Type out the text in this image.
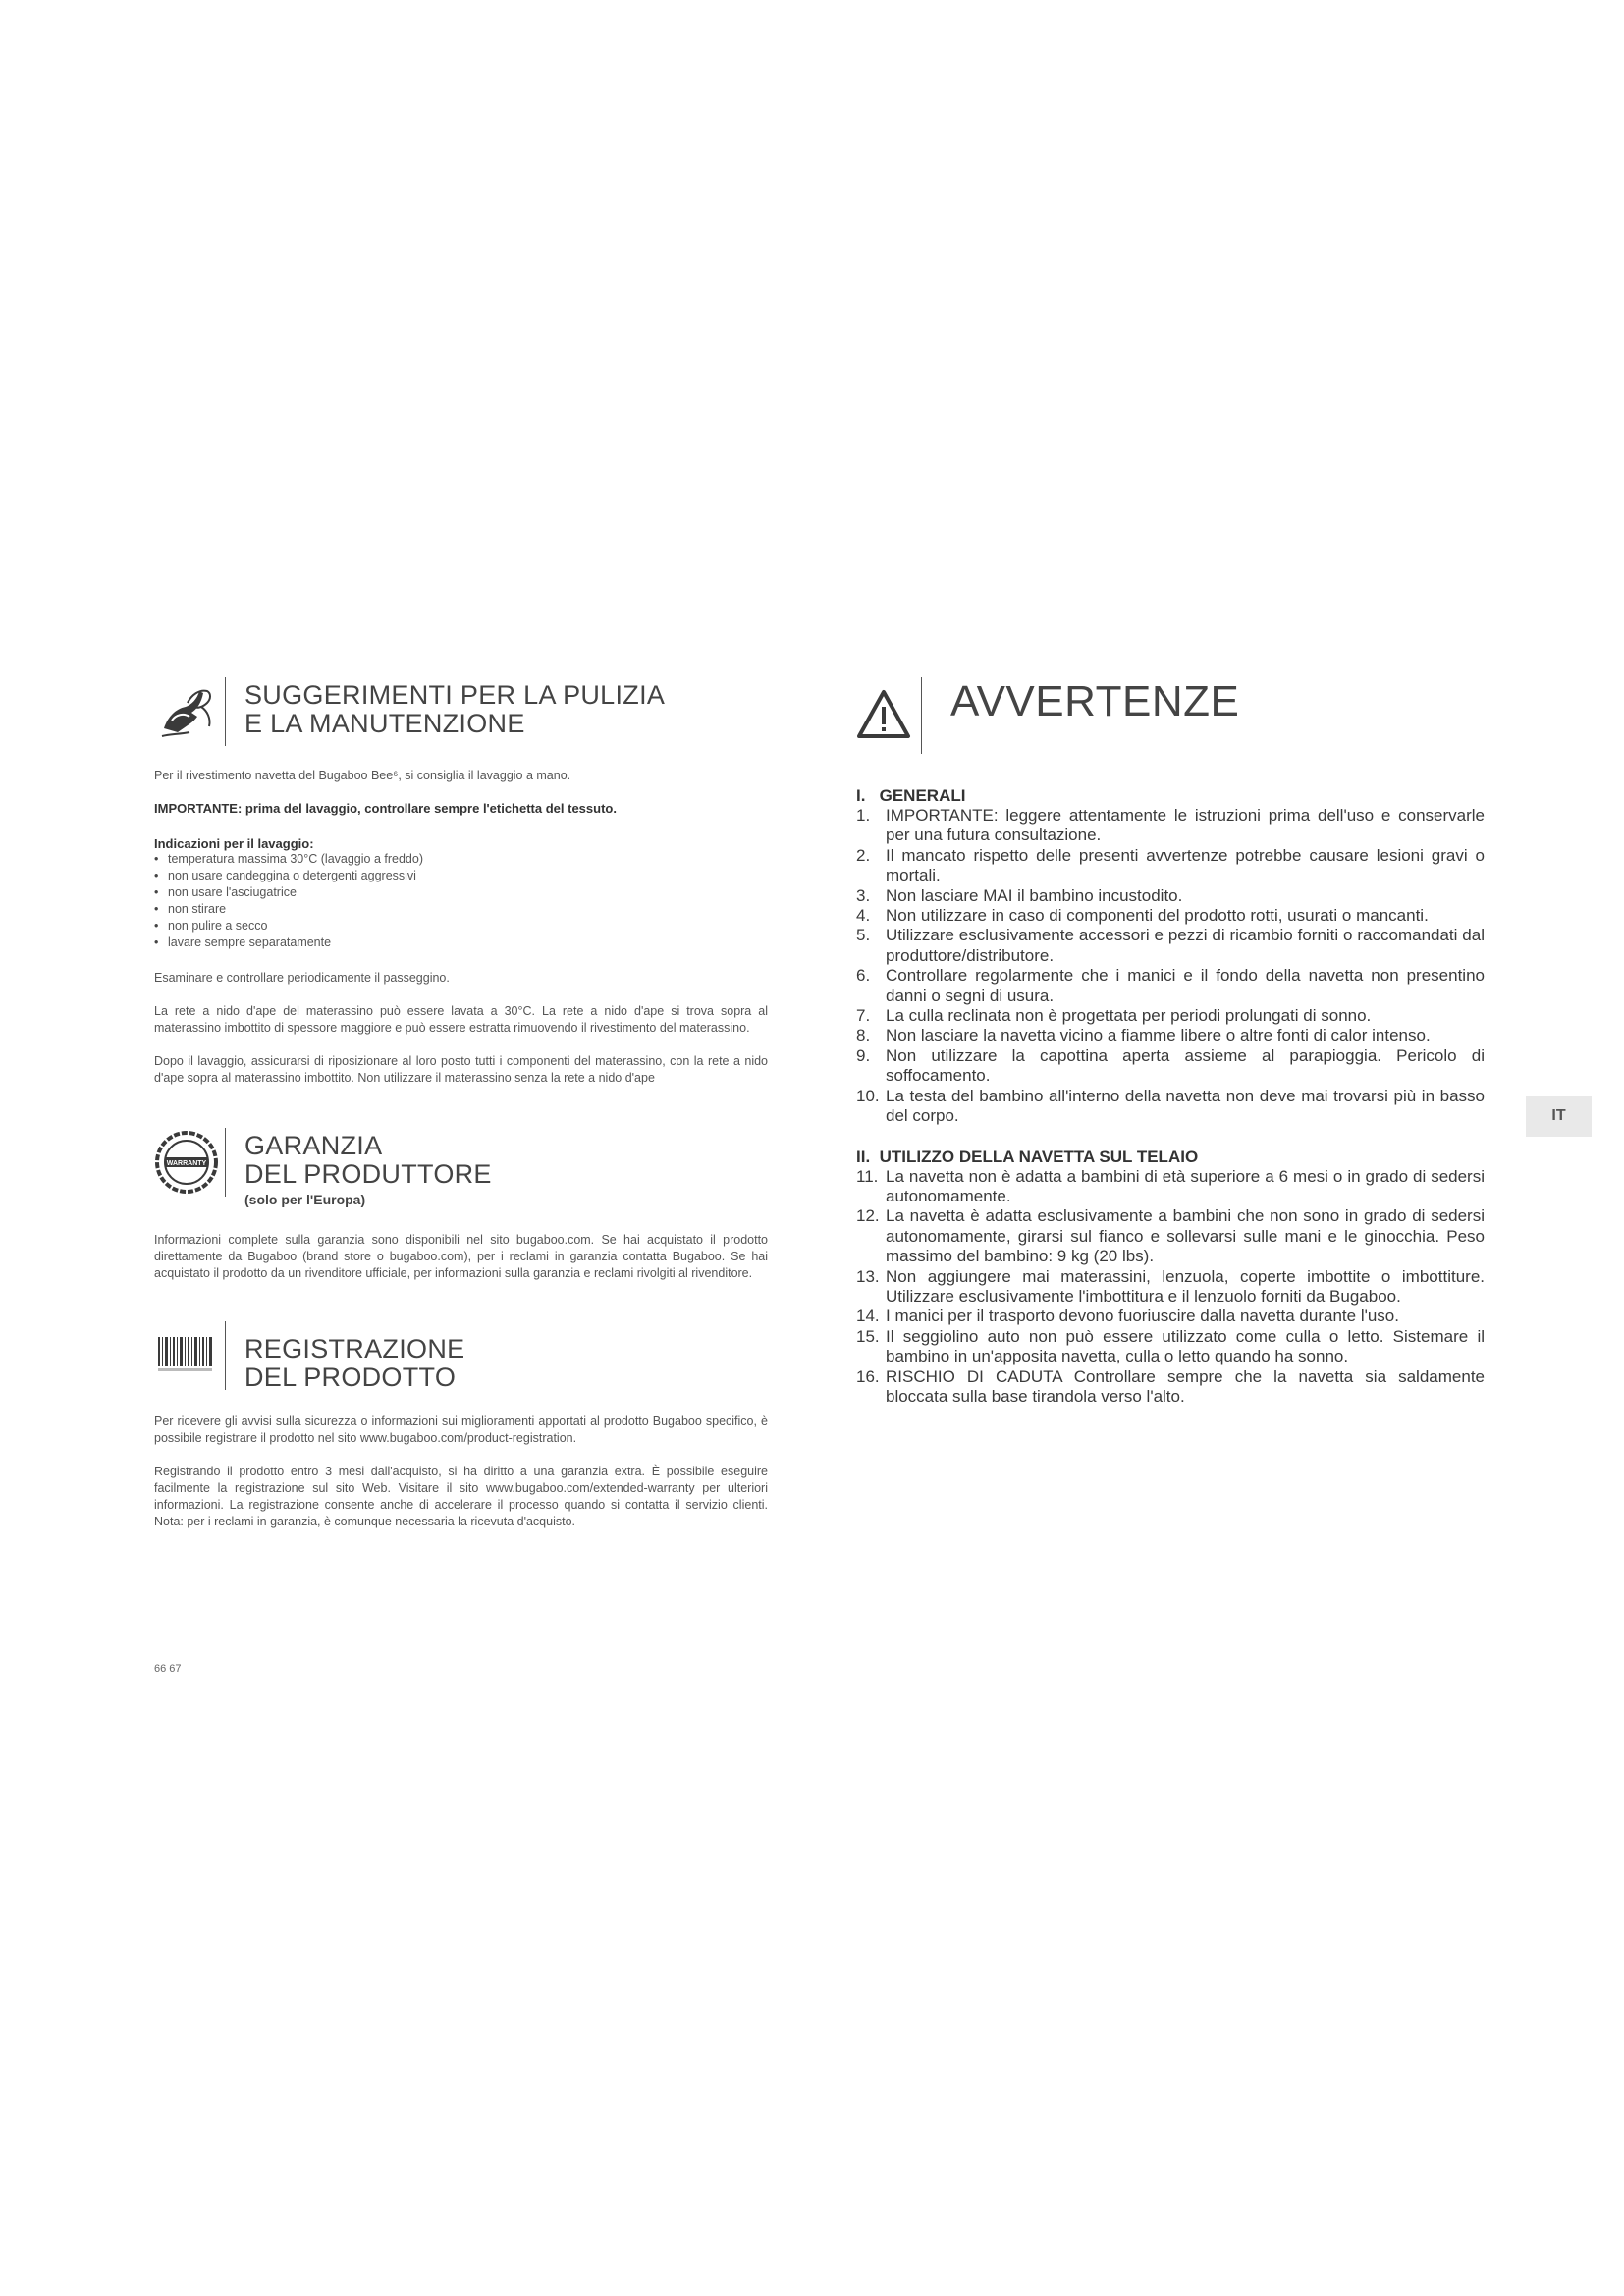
SUGGERIMENTI PER LA PULIZIA
E LA MANUTENZIONE

Per il rivestimento navetta del Bugaboo Bee⁶, si consiglia il lavaggio a mano.

IMPORTANTE: prima del lavaggio, controllare sempre l'etichetta del tessuto.

Indicazioni per il lavaggio:

• temperatura massima 30°C (lavaggio a freddo)
• non usare candeggina o detergenti aggressivi
• non usare l'asciugatrice
• non stirare
• non pulire a secco
• lavare sempre separatamente

Esaminare e controllare periodicamente il passeggino.

La rete a nido d'ape del materassino può essere lavata a 30°C. La rete a nido d'ape si trova sopra al materassino imbottito di spessore maggiore e può essere estratta rimuovendo il rivestimento del materassino.

Dopo il lavaggio, assicurarsi di riposizionare al loro posto tutti i componenti del materassino, con la rete a nido d'ape sopra al materassino imbottito. Non utilizzare il materassino senza la rete a nido d'ape

WARRANTY
GARANZIA
DEL PRODUTTORE
(solo per l'Europa)

Informazioni complete sulla garanzia sono disponibili nel sito bugaboo.com. Se hai acquistato il prodotto direttamente da Bugaboo (brand store o bugaboo.com), per i reclami in garanzia contatta Bugaboo. Se hai acquistato il prodotto da un rivenditore ufficiale, per informazioni sulla garanzia e reclami rivolgiti al rivenditore.

REGISTRAZIONE
DEL PRODOTTO

Per ricevere gli avvisi sulla sicurezza o informazioni sui miglioramenti apportati al prodotto Bugaboo specifico, è possibile registrare il prodotto nel sito www.bugaboo.com/product-registration.

Registrando il prodotto entro 3 mesi dall'acquisto, si ha diritto a una garanzia extra. È possibile eseguire facilmente la registrazione sul sito Web. Visitare il sito www.bugaboo.com/extended-warranty per ulteriori informazioni. La registrazione consente anche di accelerare il processo quando si contatta il servizio clienti. Nota: per i reclami in garanzia, è comunque necessaria la ricevuta d'acquisto.

66 67
AVVERTENZE

I.   GENERALI

1. IMPORTANTE: leggere attentamente le istruzioni prima dell'uso e conservarle per una futura consultazione.
2. Il mancato rispetto delle presenti avvertenze potrebbe causare lesioni gravi o mortali.
3. Non lasciare MAI il bambino incustodito.
4. Non utilizzare in caso di componenti del prodotto rotti, usurati o mancanti.
5. Utilizzare esclusivamente accessori e pezzi di ricambio forniti o raccomandati dal produttore/distributore.
6. Controllare regolarmente che i manici e il fondo della navetta non presentino danni o segni di usura.
7. La culla reclinata non è progettata per periodi prolungati di sonno.
8. Non lasciare la navetta vicino a fiamme libere o altre fonti di calor intenso.
9. Non utilizzare la capottina aperta assieme al parapioggia. Pericolo di soffocamento.
10. La testa del bambino all'interno della navetta non deve mai trovarsi più in basso del corpo.

II.  UTILIZZO DELLA NAVETTA SUL TELAIO

11. La navetta non è adatta a bambini di età superiore a 6 mesi o in grado di sedersi autonomamente.
12. La navetta è adatta esclusivamente a bambini che non sono in grado di sedersi autonomamente, girarsi sul fianco e sollevarsi sulle mani e le ginocchia. Peso massimo del bambino: 9 kg (20 lbs).
13. Non aggiungere mai materassini, lenzuola, coperte imbottite o imbottiture. Utilizzare esclusivamente l'imbottitura e il lenzuolo forniti da Bugaboo.
14. I manici per il trasporto devono fuoriuscire dalla navetta durante l'uso.
15. Il seggiolino auto non può essere utilizzato come culla o letto. Sistemare il bambino in un'apposita navetta, culla o letto quando ha sonno.
16. RISCHIO DI CADUTA Controllare sempre che la navetta sia saldamente bloccata sulla base tirandola verso l'alto.
IT
